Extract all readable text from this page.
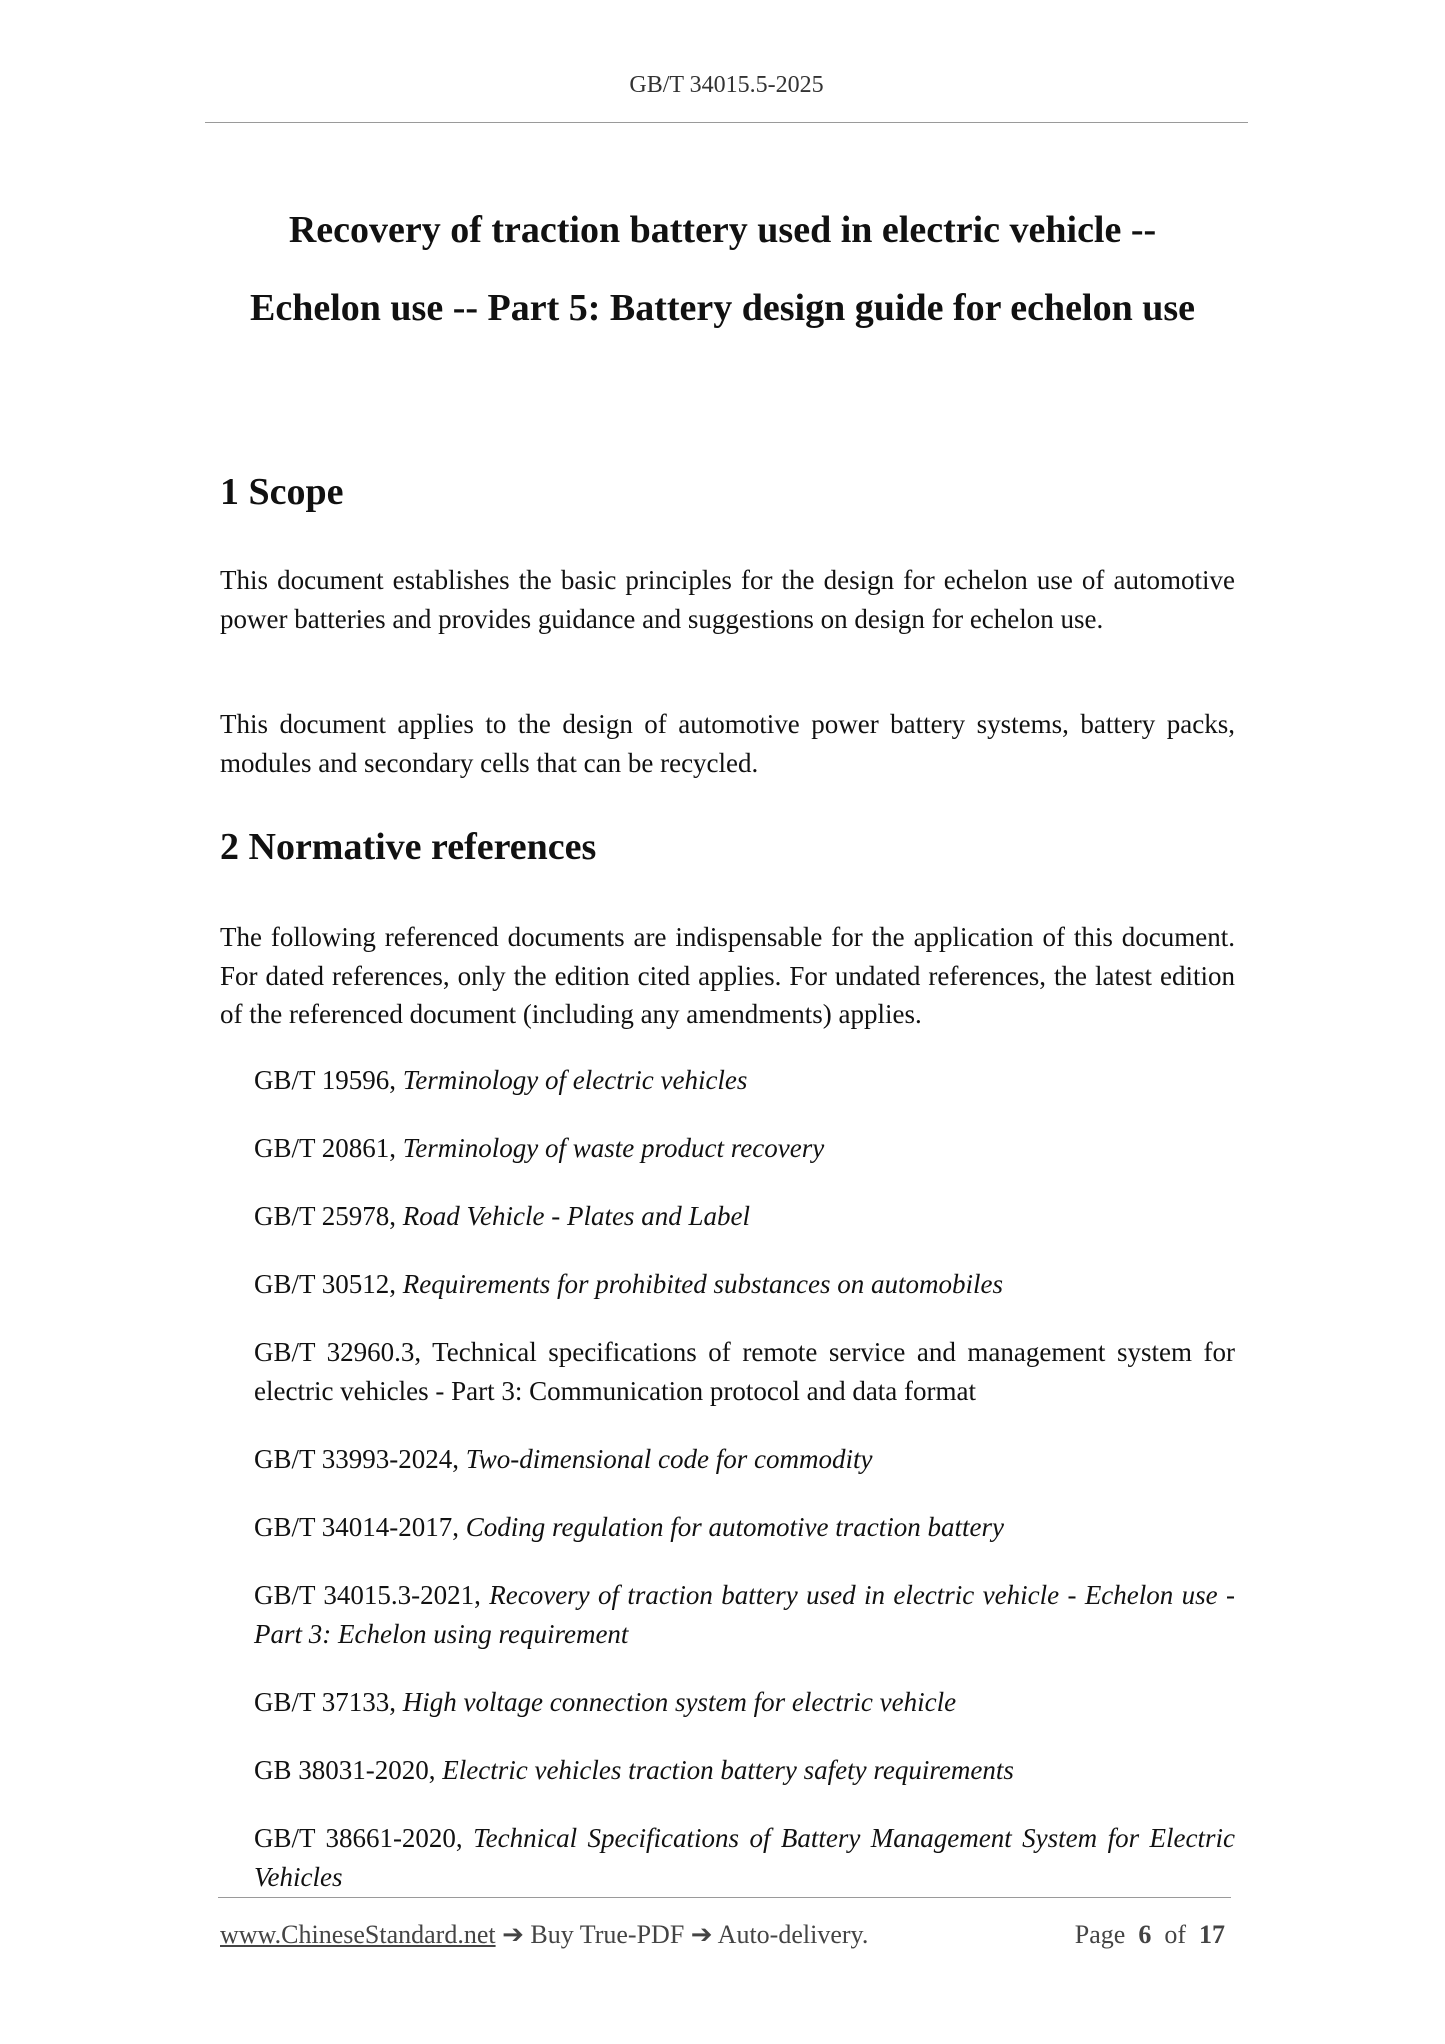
GB/T 34015.5-2025
Recovery of traction battery used in electric vehicle --
Echelon use -- Part 5: Battery design guide for echelon use
1 Scope
This document establishes the basic principles for the design for echelon use of automotive power batteries and provides guidance and suggestions on design for echelon use.
This document applies to the design of automotive power battery systems, battery packs, modules and secondary cells that can be recycled.
2 Normative references
The following referenced documents are indispensable for the application of this document. For dated references, only the edition cited applies. For undated references, the latest edition of the referenced document (including any amendments) applies.
GB/T 19596, Terminology of electric vehicles
GB/T 20861, Terminology of waste product recovery
GB/T 25978, Road Vehicle - Plates and Label
GB/T 30512, Requirements for prohibited substances on automobiles
GB/T 32960.3, Technical specifications of remote service and management system for electric vehicles - Part 3: Communication protocol and data format
GB/T 33993-2024, Two-dimensional code for commodity
GB/T 34014-2017, Coding regulation for automotive traction battery
GB/T 34015.3-2021, Recovery of traction battery used in electric vehicle - Echelon use - Part 3: Echelon using requirement
GB/T 37133, High voltage connection system for electric vehicle
GB 38031-2020, Electric vehicles traction battery safety requirements
GB/T 38661-2020, Technical Specifications of Battery Management System for Electric Vehicles
www.ChineseStandard.net ➔ Buy True-PDF ➔ Auto-delivery.	Page 6 of 17
